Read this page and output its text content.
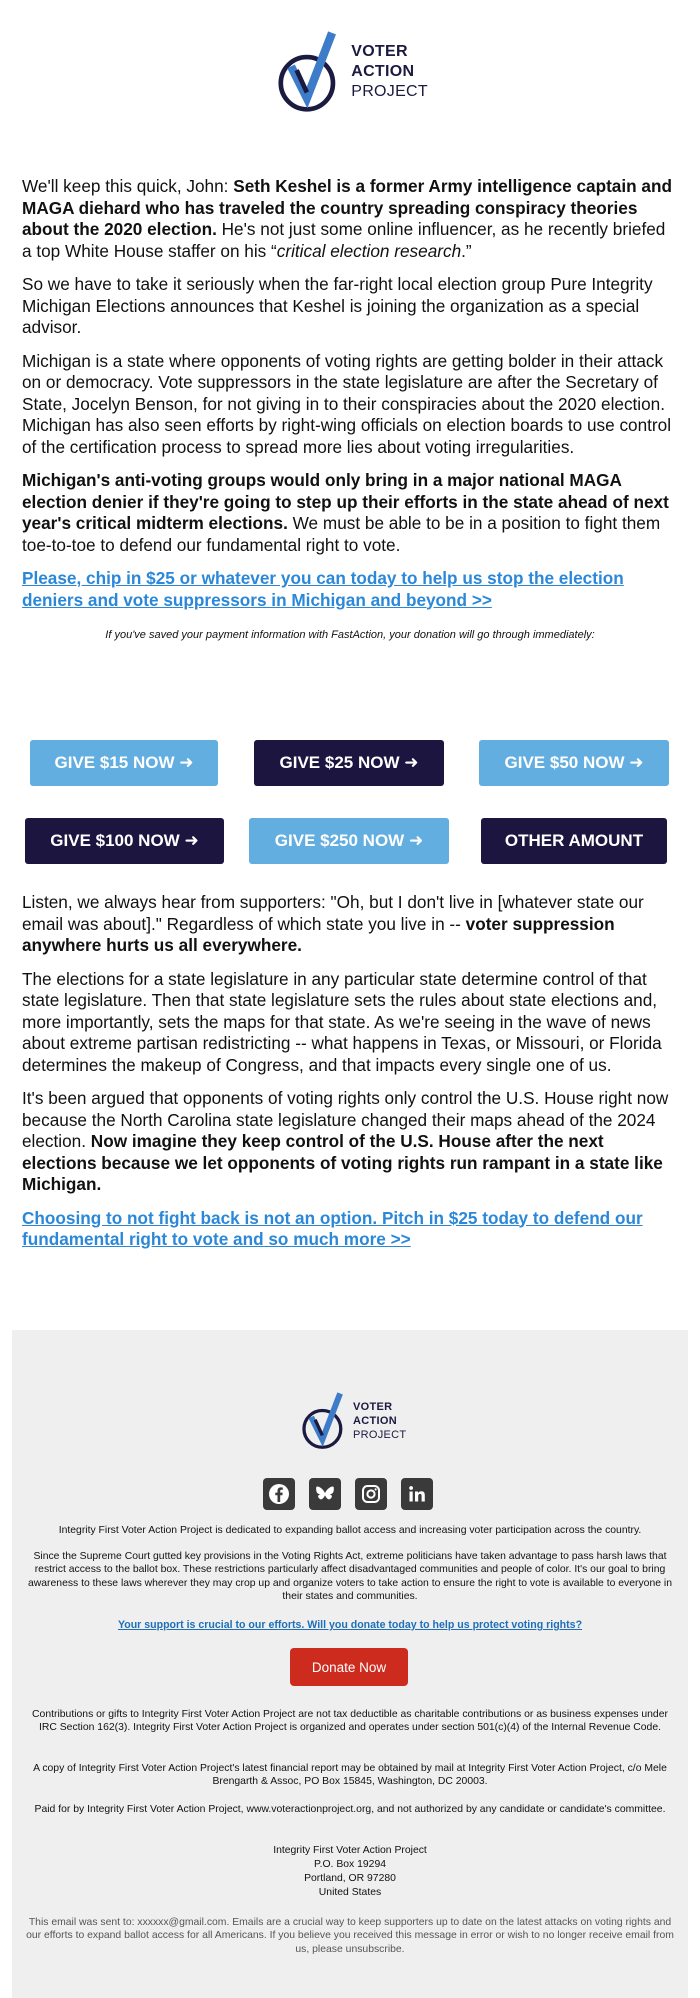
VOTER
ACTION
PROJECT

We'll keep this quick, John: Seth Keshel is a former Army intelligence captain and MAGA diehard who has traveled the country spreading conspiracy theories about the 2020 election. He's not just some online influencer, as he recently briefed a top White House staffer on his “critical election research.”

So we have to take it seriously when the far-right local election group Pure Integrity Michigan Elections announces that Keshel is joining the organization as a special advisor.

Michigan is a state where opponents of voting rights are getting bolder in their attack on or democracy. Vote suppressors in the state legislature are after the Secretary of State, Jocelyn Benson, for not giving in to their conspiracies about the 2020 election. Michigan has also seen efforts by right-wing officials on election boards to use control of the certification process to spread more lies about voting irregularities.

Michigan's anti-voting groups would only bring in a major national MAGA election denier if they're going to step up their efforts in the state ahead of next year's critical midterm elections. We must be able to be in a position to fight them toe-to-toe to defend our fundamental right to vote.

Please, chip in $25 or whatever you can today to help us stop the election deniers and vote suppressors in Michigan and beyond >>

If you've saved your payment information with FastAction, your donation will go through immediately:

GIVE $15 NOW ➜	GIVE $25 NOW ➜	GIVE $50 NOW ➜
GIVE $100 NOW ➜	GIVE $250 NOW ➜	OTHER AMOUNT

Listen, we always hear from supporters: "Oh, but I don't live in [whatever state our email was about]." Regardless of which state you live in -- voter suppression anywhere hurts us all everywhere.

The elections for a state legislature in any particular state determine control of that state legislature. Then that state legislature sets the rules about state elections and, more importantly, sets the maps for that state. As we're seeing in the wave of news about extreme partisan redistricting -- what happens in Texas, or Missouri, or Florida determines the makeup of Congress, and that impacts every single one of us.

It's been argued that opponents of voting rights only control the U.S. House right now because the North Carolina state legislature changed their maps ahead of the 2024 election. Now imagine they keep control of the U.S. House after the next elections because we let opponents of voting rights run rampant in a state like Michigan.

Choosing to not fight back is not an option. Pitch in $25 today to defend our fundamental right to vote and so much more >>
VOTER
ACTION
PROJECT
Integrity First Voter Action Project is dedicated to expanding ballot access and increasing voter participation across the country.
Since the Supreme Court gutted key provisions in the Voting Rights Act, extreme politicians have taken advantage to pass harsh laws that restrict access to the ballot box. These restrictions particularly affect disadvantaged communities and people of color. It's our goal to bring awareness to these laws wherever they may crop up and organize voters to take action to ensure the right to vote is available to everyone in their states and communities.
Your support is crucial to our efforts. Will you donate today to help us protect voting rights?
Donate Now
Contributions or gifts to Integrity First Voter Action Project are not tax deductible as charitable contributions or as business expenses under IRC Section 162(3). Integrity First Voter Action Project is organized and operates under section 501(c)(4) of the Internal Revenue Code.
A copy of Integrity First Voter Action Project's latest financial report may be obtained by mail at Integrity First Voter Action Project, c/o Mele Brengarth & Assoc, PO Box 15845, Washington, DC 20003.
Paid for by Integrity First Voter Action Project, www.voteractionproject.org, and not authorized by any candidate or candidate's committee.
Integrity First Voter Action Project
P.O. Box 19294
Portland, OR 97280
United States
This email was sent to: xxxxxx@gmail.com. Emails are a crucial way to keep supporters up to date on the latest attacks on voting rights and our efforts to expand ballot access for all Americans. If you believe you received this message in error or wish to no longer receive email from us, please unsubscribe.
